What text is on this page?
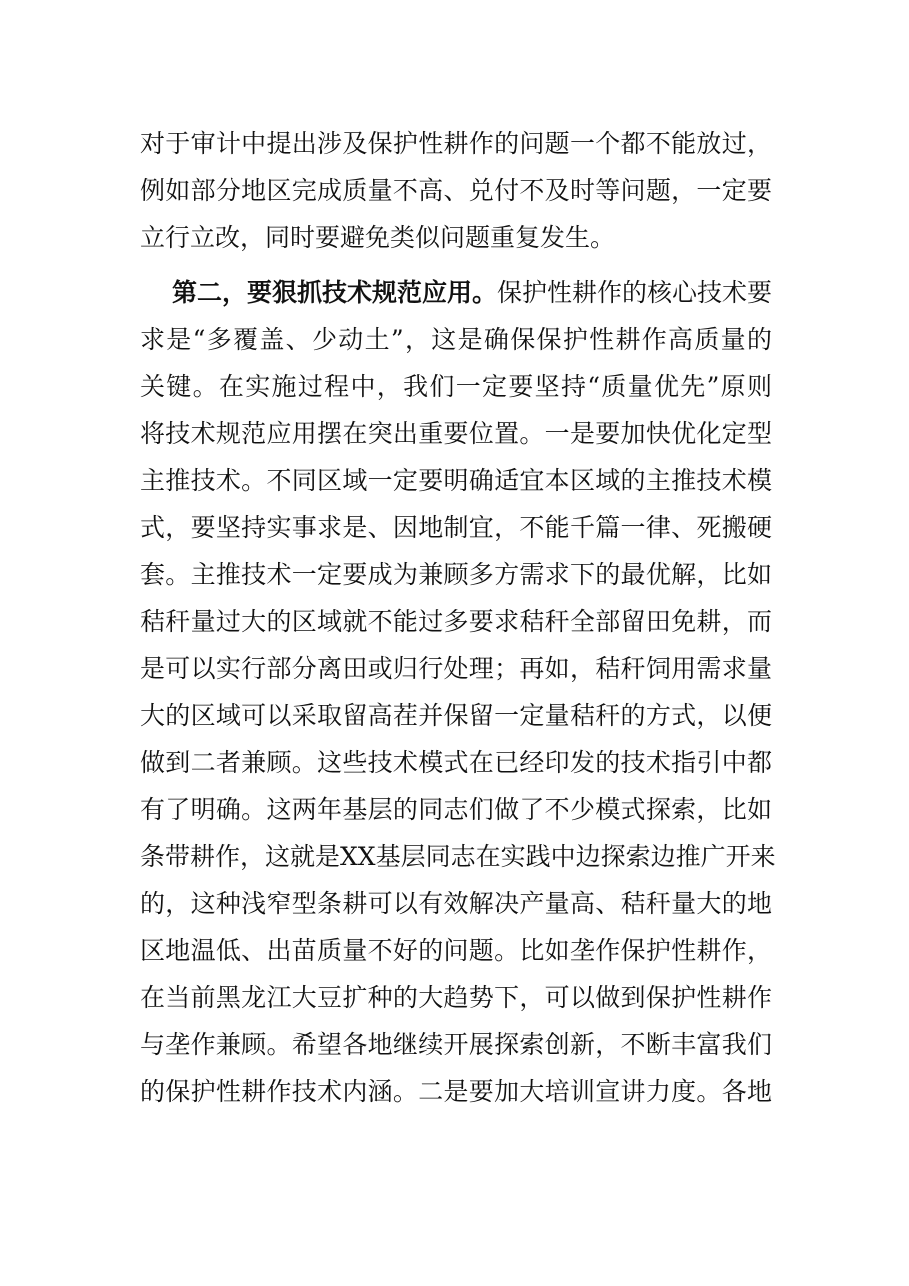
对于审计中提出涉及保护性耕作的问题一个都不能放过，
例如部分地区完成质量不高、兑付不及时等问题，一定要
立行立改，同时要避免类似问题重复发生。
第二，要狠抓技术规范应用。保护性耕作的核心技术要
求是“多覆盖、少动土”，这是确保保护性耕作高质量的
关键。在实施过程中，我们一定要坚持“质量优先”原则
将技术规范应用摆在突出重要位置。一是要加快优化定型
主推技术。不同区域一定要明确适宜本区域的主推技术模
式，要坚持实事求是、因地制宜，不能千篇一律、死搬硬
套。主推技术一定要成为兼顾多方需求下的最优解，比如
秸秆量过大的区域就不能过多要求秸秆全部留田免耕，而
是可以实行部分离田或归行处理；再如，秸秆饲用需求量
大的区域可以采取留高茬并保留一定量秸秆的方式，以便
做到二者兼顾。这些技术模式在已经印发的技术指引中都
有了明确。这两年基层的同志们做了不少模式探索，比如
条带耕作，这就是XX基层同志在实践中边探索边推广开来
的，这种浅窄型条耕可以有效解决产量高、秸秆量大的地
区地温低、出苗质量不好的问题。比如垄作保护性耕作，
在当前黑龙江大豆扩种的大趋势下，可以做到保护性耕作
与垄作兼顾。希望各地继续开展探索创新，不断丰富我们
的保护性耕作技术内涵。二是要加大培训宣讲力度。各地
